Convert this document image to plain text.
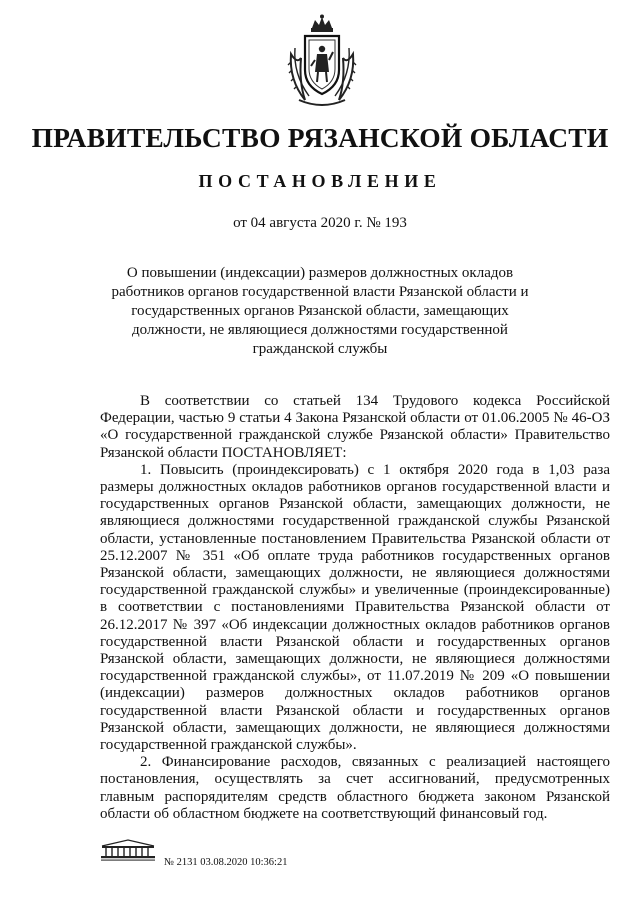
ПРАВИТЕЛЬСТВО РЯЗАНСКОЙ ОБЛАСТИ
ПОСТАНОВЛЕНИЕ
от 04 августа 2020 г. № 193
О повышении (индексации) размеров должностных окладов работников органов государственной власти Рязанской области и государственных органов Рязанской области, замещающих должности, не являющиеся должностями государственной гражданской службы

В соответствии со статьей 134 Трудового кодекса Российской Федерации, частью 9 статьи 4 Закона Рязанской области от 01.06.2005 № 46-ОЗ «О государственной гражданской службе Рязанской области» Правительство Рязанской области ПОСТАНОВЛЯЕТ:

1. Повысить (проиндексировать) с 1 октября 2020 года в 1,03 раза размеры должностных окладов работников органов государственной власти и государственных органов Рязанской области, замещающих должности, не являющиеся должностями государственной гражданской службы Рязанской области, установленные постановлением Правительства Рязанской области от 25.12.2007 № 351 «Об оплате труда работников государственных органов Рязанской области, замещающих должности, не являющиеся должностями государственной гражданской службы» и увеличенные (проиндексированные) в соответствии с постановлениями Правительства Рязанской области от 26.12.2017 № 397 «Об индексации должностных окладов работников органов государственной власти Рязанской области и государственных органов Рязанской области, замещающих должности, не являющиеся должностями государственной гражданской службы», от 11.07.2019 № 209 «О повышении (индексации) размеров должностных окладов работников органов государственной власти Рязанской области и государственных органов Рязанской области, замещающих должности, не являющиеся должностями государственной гражданской службы».

2. Финансирование расходов, связанных с реализацией настоящего постановления, осуществлять за счет ассигнований, предусмотренных главным распорядителям средств областного бюджета законом Рязанской области об областном бюджете на соответствующий финансовый год.

№ 2131 03.08.2020 10:36:21
